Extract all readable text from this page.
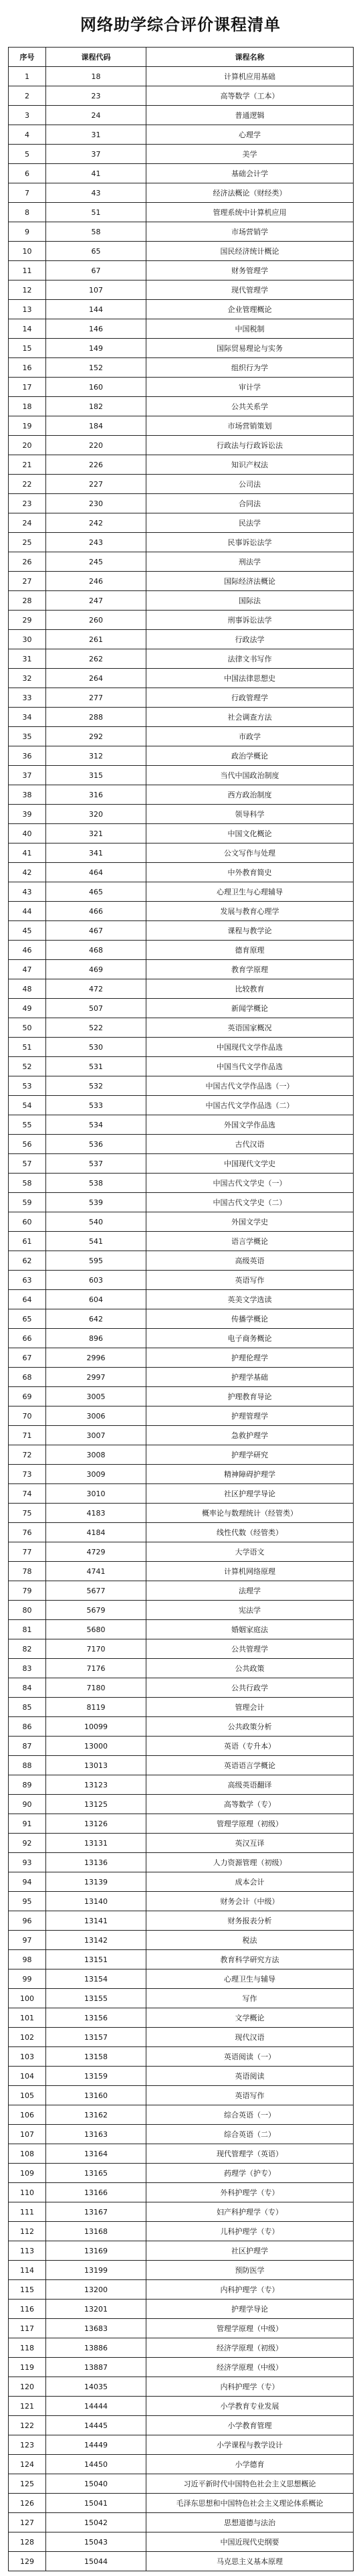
网络助学综合评价课程清单
序号	课程代码	课程名称
1	18	计算机应用基础
2	23	高等数学（工本）
3	24	普通逻辑
4	31	心理学
5	37	美学
6	41	基础会计学
7	43	经济法概论（财经类）
8	51	管理系统中计算机应用
9	58	市场营销学
10	65	国民经济统计概论
11	67	财务管理学
12	107	现代管理学
13	144	企业管理概论
14	146	中国税制
15	149	国际贸易理论与实务
16	152	组织行为学
17	160	审计学
18	182	公共关系学
19	184	市场营销策划
20	220	行政法与行政诉讼法
21	226	知识产权法
22	227	公司法
23	230	合同法
24	242	民法学
25	243	民事诉讼法学
26	245	刑法学
27	246	国际经济法概论
28	247	国际法
29	260	刑事诉讼法学
30	261	行政法学
31	262	法律文书写作
32	264	中国法律思想史
33	277	行政管理学
34	288	社会调查方法
35	292	市政学
36	312	政治学概论
37	315	当代中国政治制度
38	316	西方政治制度
39	320	领导科学
40	321	中国文化概论
41	341	公文写作与处理
42	464	中外教育简史
43	465	心理卫生与心理辅导
44	466	发展与教育心理学
45	467	课程与教学论
46	468	德育原理
47	469	教育学原理
48	472	比较教育
49	507	新闻学概论
50	522	英语国家概况
51	530	中国现代文学作品选
52	531	中国当代文学作品选
53	532	中国古代文学作品选（一）
54	533	中国古代文学作品选（二）
55	534	外国文学作品选
56	536	古代汉语
57	537	中国现代文学史
58	538	中国古代文学史（一）
59	539	中国古代文学史（二）
60	540	外国文学史
61	541	语言学概论
62	595	高级英语
63	603	英语写作
64	604	英美文学选读
65	642	传播学概论
66	896	电子商务概论
67	2996	护理伦理学
68	2997	护理学基础
69	3005	护理教育导论
70	3006	护理管理学
71	3007	急救护理学
72	3008	护理学研究
73	3009	精神障碍护理学
74	3010	社区护理学导论
75	4183	概率论与数理统计（经管类）
76	4184	线性代数（经管类）
77	4729	大学语文
78	4741	计算机网络原理
79	5677	法理学
80	5679	宪法学
81	5680	婚姻家庭法
82	7170	公共管理学
83	7176	公共政策
84	7180	公共行政学
85	8119	管理会计
86	10099	公共政策分析
87	13000	英语（专升本）
88	13013	英语语言学概论
89	13123	高级英语翻译
90	13125	高等数学（专）
91	13126	管理学原理（初级）
92	13131	英汉互译
93	13136	人力资源管理（初级）
94	13139	成本会计
95	13140	财务会计（中级）
96	13141	财务报表分析
97	13142	税法
98	13151	教育科学研究方法
99	13154	心理卫生与辅导
100	13155	写作
101	13156	文学概论
102	13157	现代汉语
103	13158	英语阅读（一）
104	13159	英语阅读
105	13160	英语写作
106	13162	综合英语（一）
107	13163	综合英语（二）
108	13164	现代管理学（英语）
109	13165	药理学（护专）
110	13166	外科护理学（专）
111	13167	妇产科护理学（专）
112	13168	儿科护理学（专）
113	13169	社区护理学
114	13199	预防医学
115	13200	内科护理学（专）
116	13201	护理学导论
117	13683	管理学原理（中级）
118	13886	经济学原理（初级）
119	13887	经济学原理（中级）
120	14035	内科护理学（专）
121	14444	小学教育专业发展
122	14445	小学教育管理
123	14449	小学课程与教学设计
124	14450	小学德育
125	15040	习近平新时代中国特色社会主义思想概论
126	15041	毛泽东思想和中国特色社会主义理论体系概论
127	15042	思想道德与法治
128	15043	中国近现代史纲要
129	15044	马克思主义基本原理
